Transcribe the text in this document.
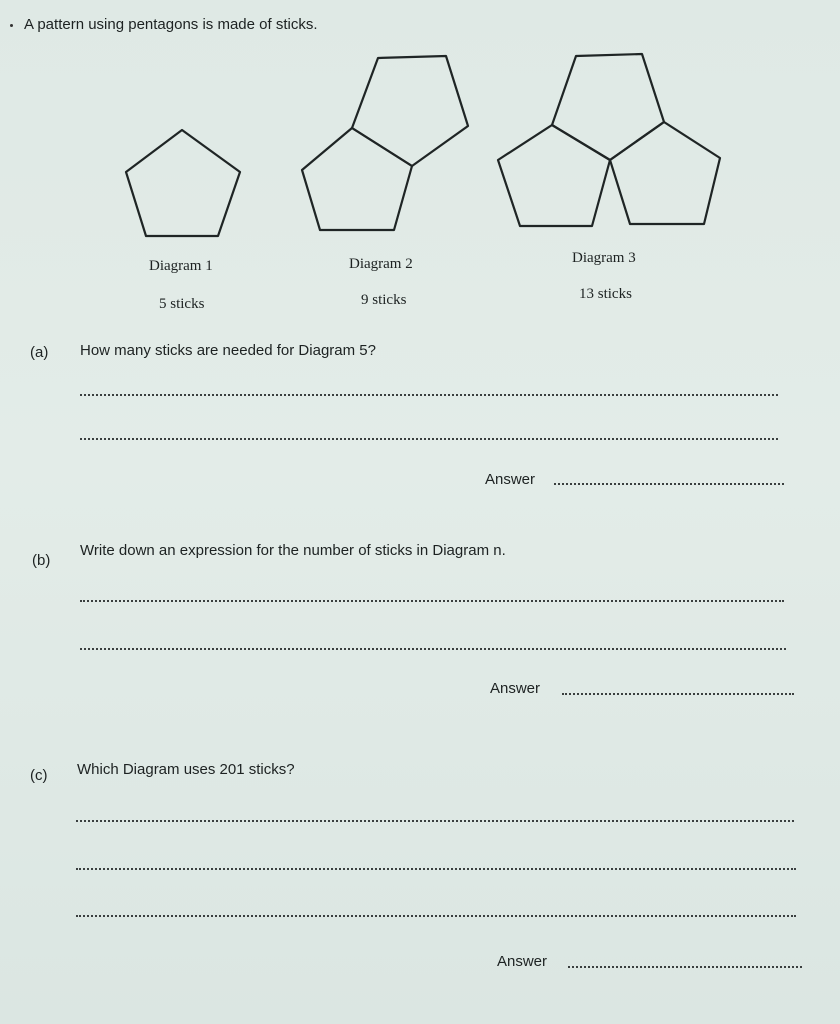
A pattern using pentagons is made of sticks.
Diagram 1
5 sticks
Diagram 2
9 sticks
Diagram 3
13 sticks
(a) How many sticks are needed for Diagram 5?
Answer
(b)
Write down an expression for the number of sticks in Diagram n.
Answer
(c) Which Diagram uses 201 sticks?
Answer
